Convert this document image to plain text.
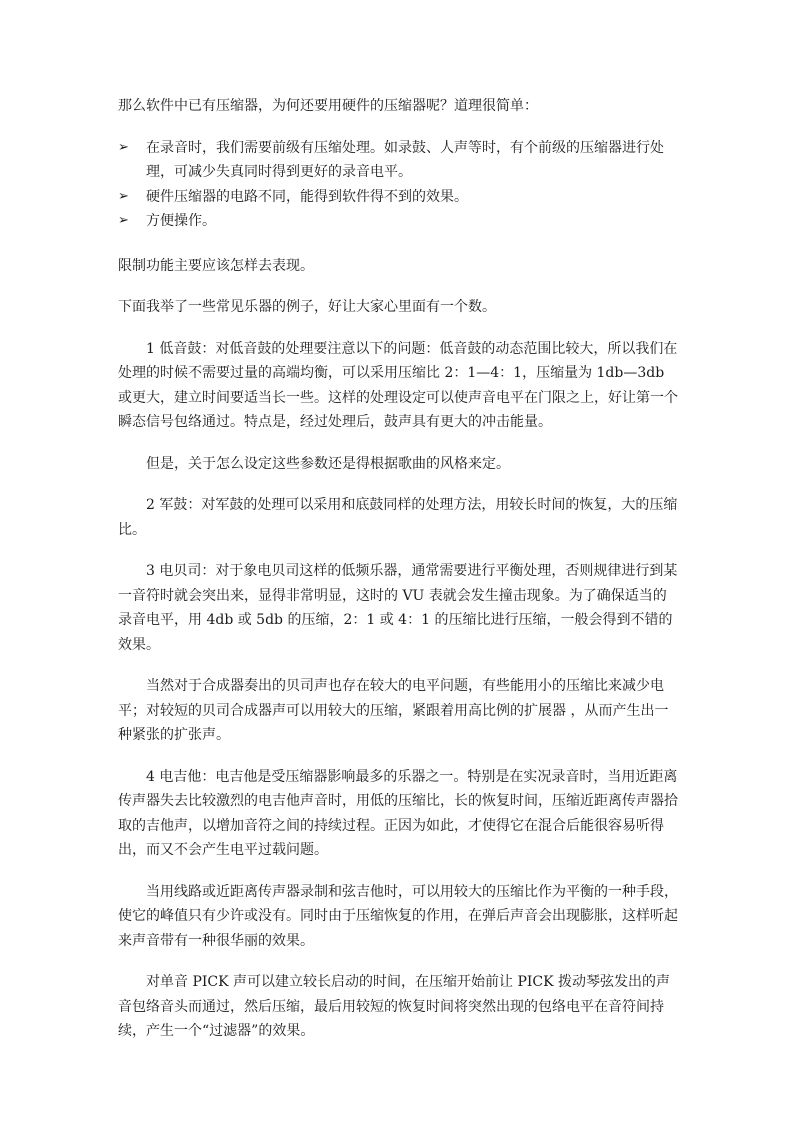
那么软件中已有压缩器，为何还要用硬件的压缩器呢？道理很简单：

➢ 在录音时，我们需要前级有压缩处理。如录鼓、人声等时，有个前级的压缩器进行处理，可减少失真同时得到更好的录音电平。
➢ 硬件压缩器的电路不同，能得到软件得不到的效果。
➢ 方便操作。

限制功能主要应该怎样去表现。

下面我举了一些常见乐器的例子，好让大家心里面有一个数。

1 低音鼓：对低音鼓的处理要注意以下的问题：低音鼓的动态范围比较大，所以我们在处理的时候不需要过量的高端均衡，可以采用压缩比 2：1—4：1，压缩量为 1db—3db 或更大，建立时间要适当长一些。这样的处理设定可以使声音电平在门限之上，好让第一个瞬态信号包络通过。特点是，经过处理后，鼓声具有更大的冲击能量。

但是，关于怎么设定这些参数还是得根据歌曲的风格来定。

2 军鼓：对军鼓的处理可以采用和底鼓同样的处理方法，用较长时间的恢复，大的压缩比。

3 电贝司：对于象电贝司这样的低频乐器，通常需要进行平衡处理，否则规律进行到某一音符时就会突出来，显得非常明显，这时的 VU 表就会发生撞击现象。为了确保适当的录音电平，用 4db 或 5db 的压缩，2：1 或 4：1 的压缩比进行压缩，一般会得到不错的效果。

当然对于合成器奏出的贝司声也存在较大的电平问题，有些能用小的压缩比来减少电平；对较短的贝司合成器声可以用较大的压缩，紧跟着用高比例的扩展器 ，从而产生出一种紧张的扩张声。

4 电吉他：电吉他是受压缩器影响最多的乐器之一。特别是在实况录音时，当用近距离传声器失去比较激烈的电吉他声音时，用低的压缩比，长的恢复时间，压缩近距离传声器拾取的吉他声，以增加音符之间的持续过程。正因为如此，才使得它在混合后能很容易听得出，而又不会产生电平过载问题。

当用线路或近距离传声器录制和弦吉他时，可以用较大的压缩比作为平衡的一种手段，使它的峰值只有少许或没有。同时由于压缩恢复的作用，在弹后声音会出现膨胀，这样听起来声音带有一种很华丽的效果。

对单音 PICK 声可以建立较长启动的时间，在压缩开始前让 PICK 拨动琴弦发出的声音包络音头而通过，然后压缩，最后用较短的恢复时间将突然出现的包络电平在音符间持续，产生一个“过滤器”的效果。
